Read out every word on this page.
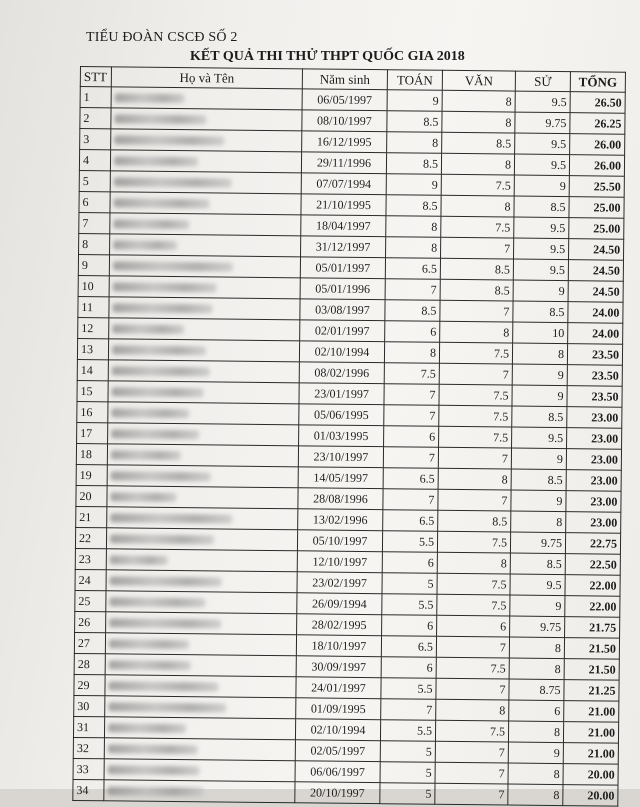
TIỂU ĐOÀN CSCĐ SỐ 2
KẾT QUẢ THI THỬ THPT QUỐC GIA 2018
STT	Họ và Tên	Năm sinh	TOÁN	VĂN	SỬ	TỔNG
1		06/05/1997	9	8	9.5	26.50
2		08/10/1997	8.5	8	9.75	26.25
3		16/12/1995	8	8.5	9.5	26.00
4		29/11/1996	8.5	8	9.5	26.00
5		07/07/1994	9	7.5	9	25.50
6		21/10/1995	8.5	8	8.5	25.00
7		18/04/1997	8	7.5	9.5	25.00
8		31/12/1997	8	7	9.5	24.50
9		05/01/1997	6.5	8.5	9.5	24.50
10		05/01/1996	7	8.5	9	24.50
11		03/08/1997	8.5	7	8.5	24.00
12		02/01/1997	6	8	10	24.00
13		02/10/1994	8	7.5	8	23.50
14		08/02/1996	7.5	7	9	23.50
15		23/01/1997	7	7.5	9	23.50
16		05/06/1995	7	7.5	8.5	23.00
17		01/03/1995	6	7.5	9.5	23.00
18		23/10/1997	7	7	9	23.00
19		14/05/1997	6.5	8	8.5	23.00
20		28/08/1996	7	7	9	23.00
21		13/02/1996	6.5	8.5	8	23.00
22		05/10/1997	5.5	7.5	9.75	22.75
23		12/10/1997	6	8	8.5	22.50
24		23/02/1997	5	7.5	9.5	22.00
25		26/09/1994	5.5	7.5	9	22.00
26		28/02/1995	6	6	9.75	21.75
27		18/10/1997	6.5	7	8	21.50
28		30/09/1997	6	7.5	8	21.50
29		24/01/1997	5.5	7	8.75	21.25
30		01/09/1995	7	8	6	21.00
31		02/10/1994	5.5	7.5	8	21.00
32		02/05/1997	5	7	9	21.00
33		06/06/1997	5	7	8	20.00
34		20/10/1997	5	7	8	20.00
